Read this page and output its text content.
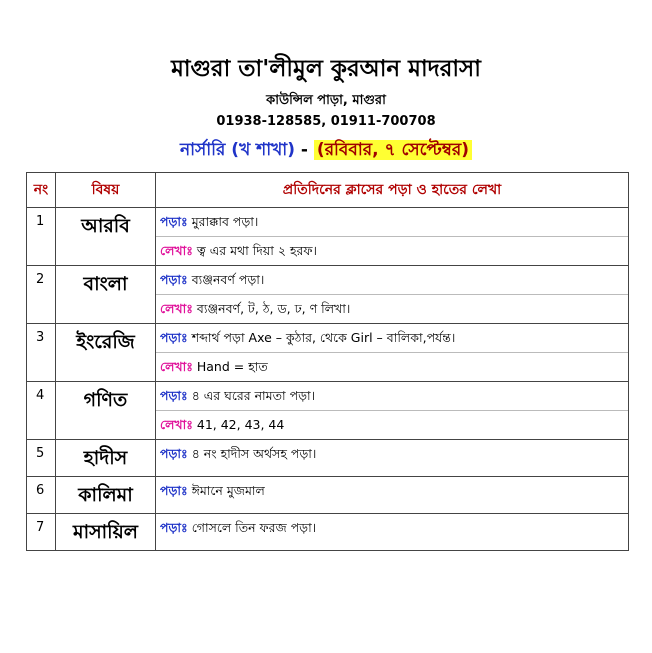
মাগুরা তা'লীমুল কুরআন মাদরাসা
কাউন্সিল পাড়া, মাগুরা
01938-128585, 01911-700708
নার্সারি (খ শাখা) - (রবিবার, ৭ সেপ্টেম্বর)
নং	বিষয়	প্রতিদিনের ক্লাসের পড়া ও হাতের লেখা
1	আরবি	পড়াঃ মুরাক্কাব পড়া।
লেখাঃ ত্ব এর মথা দিয়া ২ হরফ।

2	বাংলা	পড়াঃ ব্যঞ্জনবর্ণ পড়া।
লেখাঃ ব্যঞ্জনবর্ণ, ট, ঠ, ড, ঢ, ণ লিখা।

3	ইংরেজি	পড়াঃ শব্দার্থ পড়া Axe – কুঠার, থেকে Girl – বালিকা,পর্যন্ত।
লেখাঃ Hand = হাত

4	গণিত	পড়াঃ ৪ এর ঘরের নামতা পড়া।
লেখাঃ 41, 42, 43, 44

5	হাদীস	পড়াঃ ৪ নং হাদীস অর্থসহ পড়া।

6	কালিমা	পড়াঃ ঈমানে মুজমাল

7	মাসায়িল	পড়াঃ গোসলে তিন ফরজ পড়া।
